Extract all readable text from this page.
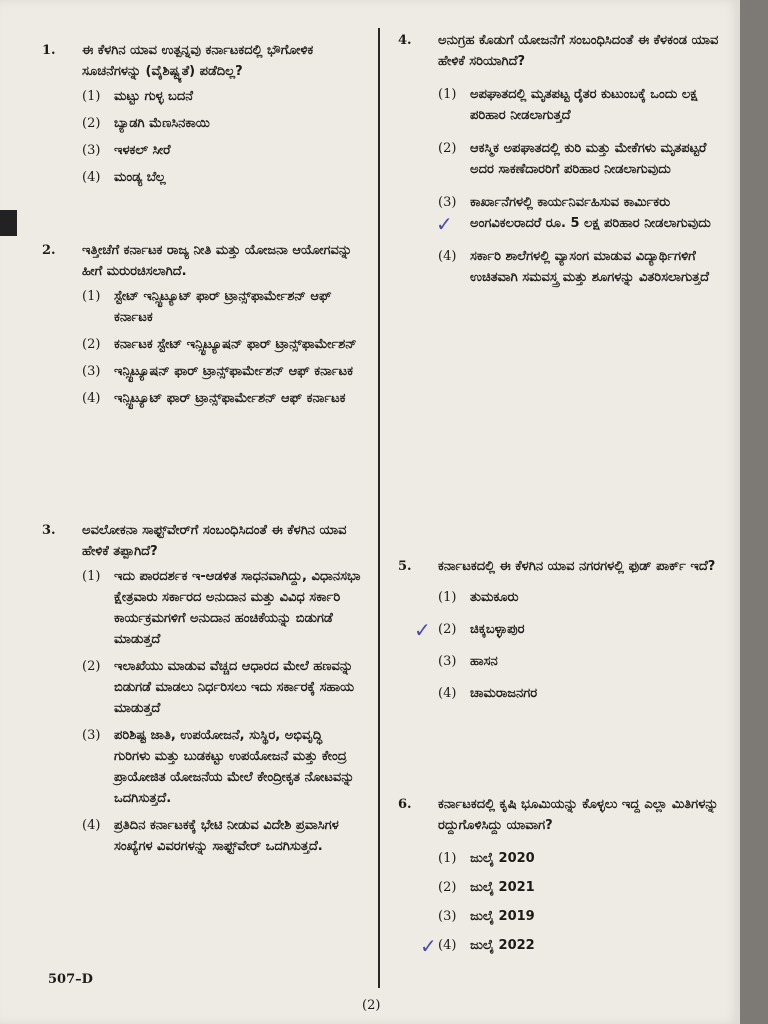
1. ಈ ಕೆಳಗಿನ ಯಾವ ಉತ್ಪನ್ನವು ಕರ್ನಾಟಕದಲ್ಲಿ ಭೌಗೋಳಿಕ ಸೂಚನೆಗಳನ್ನು (ವೈಶಿಷ್ಟ್ಯತೆ) ಪಡೆದಿಲ್ಲ?
(1) ಮಟ್ಟು ಗುಳ್ಳ ಬದನೆ
(2) ಬ್ಯಾಡಗಿ ಮೆಣಸಿನಕಾಯಿ
(3) ಇಳಕಲ್ ಸೀರೆ
(4) ಮಂಡ್ಯ ಬೆಲ್ಲ
2. ಇತ್ತೀಚೆಗೆ ಕರ್ನಾಟಕ ರಾಜ್ಯ ನೀತಿ ಮತ್ತು ಯೋಜನಾ ಆಯೋಗವನ್ನು ಹೀಗೆ ಮರುರಚಿಸಲಾಗಿದೆ.
(1) ಸ್ಟೇಟ್ ಇನ್ಸ್ಟಿಟ್ಯೂಟ್ ಫಾರ್ ಟ್ರಾನ್ಸ್‌ಫಾರ್ಮೇಶನ್ ಆಫ್ ಕರ್ನಾಟಕ
(2) ಕರ್ನಾಟಕ ಸ್ಟೇಟ್ ಇನ್ಸ್ಟಿಟ್ಯೂಷನ್ ಫಾರ್ ಟ್ರಾನ್ಸ್‌ಫಾರ್ಮೇಶನ್
(3) ಇನ್ಸ್ಟಿಟ್ಯೂಷನ್ ಫಾರ್ ಟ್ರಾನ್ಸ್‌ಫಾರ್ಮೇಶನ್ ಆಫ್ ಕರ್ನಾಟಕ
(4) ಇನ್ಸ್ಟಿಟ್ಯೂಟ್ ಫಾರ್ ಟ್ರಾನ್ಸ್‌ಫಾರ್ಮೇಶನ್ ಆಫ್ ಕರ್ನಾಟಕ
3. ಅವಲೋಕನಾ ಸಾಫ್ಟ್‌ವೇರ್‌ಗೆ ಸಂಬಂಧಿಸಿದಂತೆ ಈ ಕೆಳಗಿನ ಯಾವ ಹೇಳಿಕೆ ತಪ್ಪಾಗಿದೆ?
(1) ಇದು ಪಾರದರ್ಶಕ ಇ-ಆಡಳಿತ ಸಾಧನವಾಗಿದ್ದು, ವಿಧಾನಸಭಾ ಕ್ಷೇತ್ರವಾರು ಸರ್ಕಾರದ ಅನುದಾನ ಮತ್ತು ವಿವಿಧ ಸರ್ಕಾರಿ ಕಾರ್ಯಕ್ರಮಗಳಿಗೆ ಅನುದಾನ ಹಂಚಿಕೆಯನ್ನು ಬಿಡುಗಡೆ ಮಾಡುತ್ತದೆ
(2) ಇಲಾಖೆಯು ಮಾಡುವ ವೆಚ್ಚದ ಆಧಾರದ ಮೇಲೆ ಹಣವನ್ನು ಬಿಡುಗಡೆ ಮಾಡಲು ನಿರ್ಧರಿಸಲು ಇದು ಸರ್ಕಾರಕ್ಕೆ ಸಹಾಯ ಮಾಡುತ್ತದೆ
(3) ಪರಿಶಿಷ್ಟ ಜಾತಿ, ಉಪಯೋಜನೆ, ಸುಸ್ಥಿರ, ಅಭಿವೃದ್ಧಿ ಗುರಿಗಳು ಮತ್ತು ಬುಡಕಟ್ಟು ಉಪಯೋಜನೆ ಮತ್ತು ಕೇಂದ್ರ ಪ್ರಾಯೋಜಿತ ಯೋಜನೆಯ ಮೇಲೆ ಕೇಂದ್ರೀಕೃತ ನೋಟವನ್ನು ಒದಗಿಸುತ್ತದೆ.
(4) ಪ್ರತಿದಿನ ಕರ್ನಾಟಕಕ್ಕೆ ಭೇಟಿ ನೀಡುವ ವಿದೇಶಿ ಪ್ರವಾಸಿಗಳ ಸಂಖ್ಯೆಗಳ ವಿವರಗಳನ್ನು ಸಾಫ್ಟ್‌ವೇರ್ ಒದಗಿಸುತ್ತದೆ.
4. ಅನುಗ್ರಹ ಕೊಡುಗೆ ಯೋಜನೆಗೆ ಸಂಬಂಧಿಸಿದಂತೆ ಈ ಕೆಳಕಂಡ ಯಾವ ಹೇಳಿಕೆ ಸರಿಯಾಗಿದೆ?
(1) ಅಪಘಾತದಲ್ಲಿ ಮೃತಪಟ್ಟ ರೈತರ ಕುಟುಂಬಕ್ಕೆ ಒಂದು ಲಕ್ಷ ಪರಿಹಾರ ನೀಡಲಾಗುತ್ತದೆ
(2) ಆಕಸ್ಮಿಕ ಅಪಘಾತದಲ್ಲಿ ಕುರಿ ಮತ್ತು ಮೇಕೆಗಳು ಮೃತಪಟ್ಟರೆ ಅದರ ಸಾಕಣೆದಾರರಿಗೆ ಪರಿಹಾರ ನೀಡಲಾಗುವುದು
(3) ಕಾರ್ಖಾನೆಗಳಲ್ಲಿ ಕಾರ್ಯನಿರ್ವಹಿಸುವ ಕಾರ್ಮಿಕರು ಅಂಗವಿಕಲರಾದರೆ ರೂ. 5 ಲಕ್ಷ ಪರಿಹಾರ ನೀಡಲಾಗುವುದು
(4) ಸರ್ಕಾರಿ ಶಾಲೆಗಳಲ್ಲಿ ವ್ಯಾಸಂಗ ಮಾಡುವ ವಿದ್ಯಾರ್ಥಿಗಳಿಗೆ ಉಚಿತವಾಗಿ ಸಮವಸ್ತ್ರ ಮತ್ತು ಶೂಗಳನ್ನು ವಿತರಿಸಲಾಗುತ್ತದೆ
✓
5. ಕರ್ನಾಟಕದಲ್ಲಿ ಈ ಕೆಳಗಿನ ಯಾವ ನಗರಗಳಲ್ಲಿ ಫುಡ್ ಪಾರ್ಕ್ ಇದೆ?
(1) ತುಮಕೂರು
(2) ಚಿಕ್ಕಬಳ್ಳಾಪುರ
(3) ಹಾಸನ
(4) ಚಾಮರಾಜನಗರ
✓
6. ಕರ್ನಾಟಕದಲ್ಲಿ ಕೃಷಿ ಭೂಮಿಯನ್ನು ಕೊಳ್ಳಲು ಇದ್ದ ಎಲ್ಲಾ ಮಿತಿಗಳನ್ನು ರದ್ದುಗೊಳಿಸಿದ್ದು ಯಾವಾಗ?
(1) ಜುಲೈ 2020
(2) ಜುಲೈ 2021
(3) ಜುಲೈ 2019
(4) ಜುಲೈ 2022
✓
507–D
(2)
